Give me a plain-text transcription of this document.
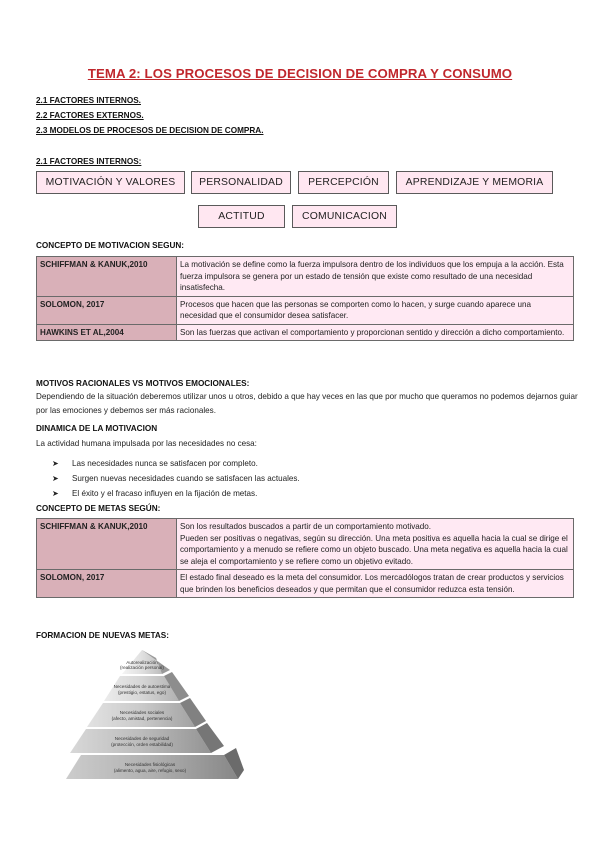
TEMA 2: LOS PROCESOS DE DECISION DE COMPRA Y CONSUMO
2.1 FACTORES INTERNOS.
2.2 FACTORES EXTERNOS.
2.3 MODELOS DE PROCESOS DE DECISION DE COMPRA.
2.1 FACTORES INTERNOS:
MOTIVACIÓN Y VALORES	PERSONALIDAD	PERCEPCIÓN	APRENDIZAJE Y MEMORIA
ACTITUD	COMUNICACION
CONCEPTO DE MOTIVACION SEGUN:
SCHIFFMAN & KANUK,2010	La motivación se define como la fuerza impulsora dentro de los individuos que los empuja a la acción. Esta fuerza impulsora se genera por un estado de tensión que existe como resultado de una necesidad insatisfecha.
SOLOMON, 2017	Procesos que hacen que las personas se comporten como lo hacen, y surge cuando aparece una necesidad que el consumidor desea satisfacer.
HAWKINS ET AL,2004	Son las fuerzas que activan el comportamiento y proporcionan sentido y dirección a dicho comportamiento.
MOTIVOS RACIONALES VS MOTIVOS EMOCIONALES:
Dependiendo de la situación deberemos utilizar unos u otros, debido a que hay veces en las que por mucho que queramos no podemos dejarnos guiar por las emociones y debemos ser más racionales.
DINAMICA DE LA MOTIVACION
La actividad humana impulsada por las necesidades no cesa:
➤ Las necesidades nunca se satisfacen por completo.
➤ Surgen nuevas necesidades cuando se satisfacen las actuales.
➤ El éxito y el fracaso influyen en la fijación de metas.
CONCEPTO DE METAS SEGÚN:
SCHIFFMAN & KANUK,2010	Son los resultados buscados a partir de un comportamiento motivado.
Pueden ser positivas o negativas, según su dirección. Una meta positiva es aquella hacia la cual se dirige el comportamiento y a menudo se refiere como un objeto buscado. Una meta negativa es aquella hacia la cual se aleja el comportamiento y se refiere como un objetivo evitado.
SOLOMON, 2017	El estado final deseado es la meta del consumidor. Los mercadólogos tratan de crear productos y servicios que brinden los beneficios deseados y que permitan que el consumidor reduzca esta tensión.
FORMACION DE NUEVAS METAS:
Autorealización
(realización personal)
Necesidades de autoestima
(prestigio, estatus, ego)
Necesidades sociales
(afecto, amistad, pertenencia)
Necesidades de seguridad
(protección, orden estabilidad)
Necesidades fisiológicas
(alimento, agua, aire, refugio, sexo)
